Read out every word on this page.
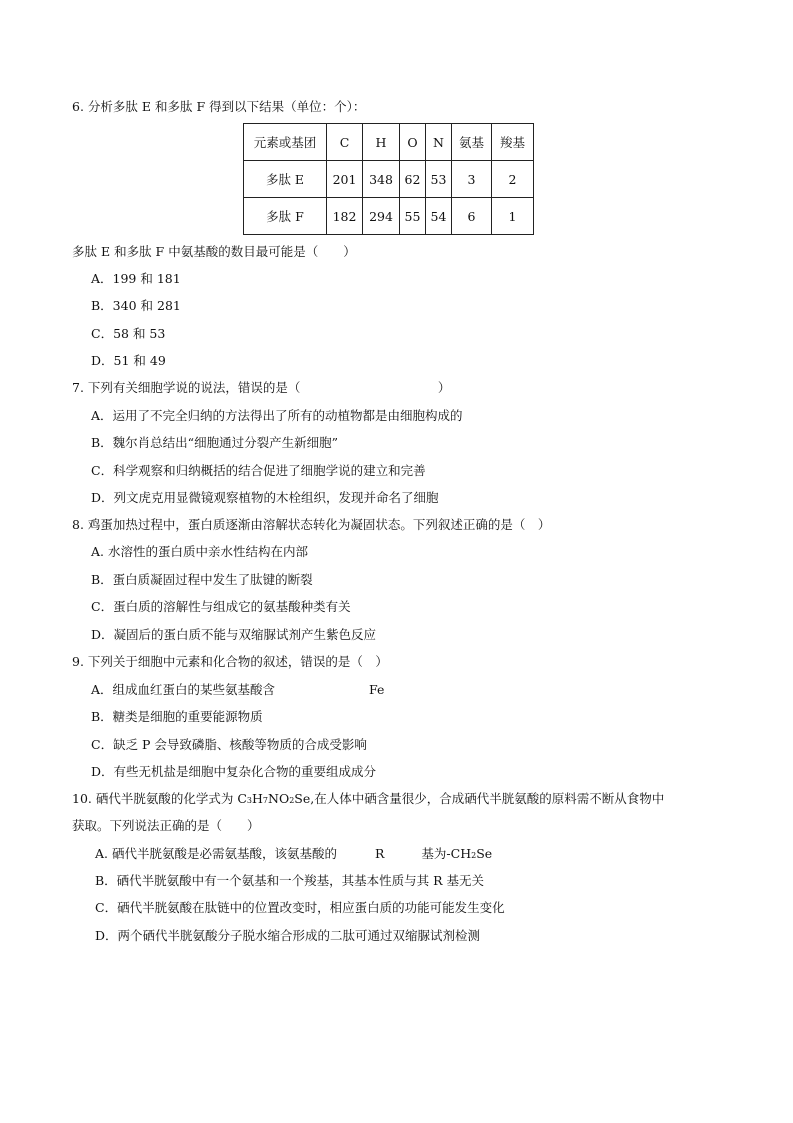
6. 分析多肽 E 和多肽 F 得到以下结果（单位：个）：
元素或基团	C	H	O	N	氨基	羧基
多肽 E	201	348	62	53	3	2
多肽 F	182	294	55	54	6	1
多肽 E 和多肽 F 中氨基酸的数目最可能是（　　）
A．199 和 181
B．340 和 281
C．58 和 53
D．51 和 49
7. 下列有关细胞学说的说法，错误的是（　　　　　　　　　　　）
A．运用了不完全归纳的方法得出了所有的动植物都是由细胞构成的
B．魏尔肖总结出“细胞通过分裂产生新细胞”
C．科学观察和归纳概括的结合促进了细胞学说的建立和完善
D．列文虎克用显微镜观察植物的木栓组织，发现并命名了细胞
8. 鸡蛋加热过程中，蛋白质逐渐由溶解状态转化为凝固状态。下列叙述正确的是（　）
A. 水溶性的蛋白质中亲水性结构在内部
B．蛋白质凝固过程中发生了肽键的断裂
C．蛋白质的溶解性与组成它的氨基酸种类有关
D．凝固后的蛋白质不能与双缩脲试剂产生紫色反应
9. 下列关于细胞中元素和化合物的叙述，错误的是（　）
A．组成血红蛋白的某些氨基酸含	Fe
B．糖类是细胞的重要能源物质
C．缺乏 P 会导致磷脂、核酸等物质的合成受影响
D．有些无机盐是细胞中复杂化合物的重要组成成分
10. 硒代半胱氨酸的化学式为 C3H7NO2Se,在人体中硒含量很少，合成硒代半胱氨酸的原料需不断从食物中
获取。下列说法正确的是（　　）
A. 硒代半胱氨酸是必需氨基酸，该氨基酸的	R	基为-CH2Se
B．硒代半胱氨酸中有一个氨基和一个羧基，其基本性质与其 R 基无关
C．硒代半胱氨酸在肽链中的位置改变时，相应蛋白质的功能可能发生变化
D．两个硒代半胱氨酸分子脱水缩合形成的二肽可通过双缩脲试剂检测
